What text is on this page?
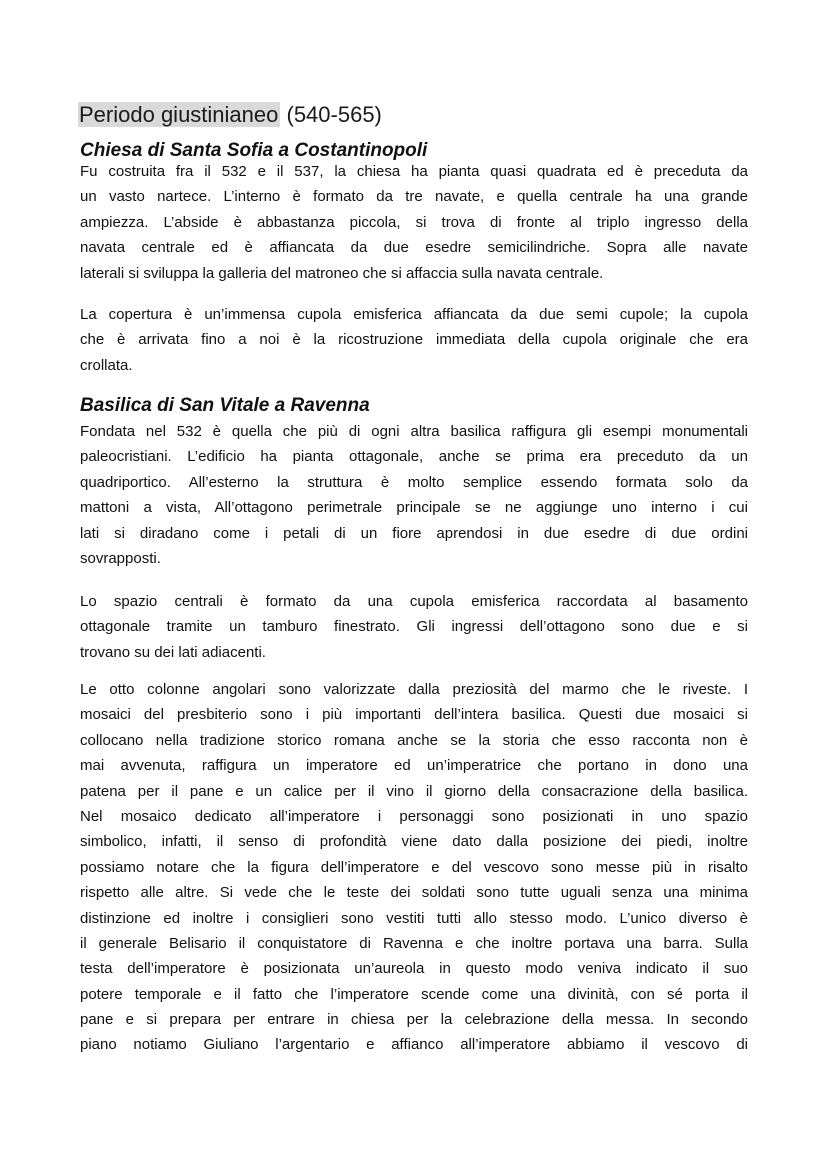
Periodo giustinianeo (540-565)
Chiesa di Santa Sofia a Costantinopoli
Fu costruita fra il 532 e il 537, la chiesa ha pianta quasi quadrata ed è preceduta da
un vasto nartece. L’interno è formato da tre navate, e quella centrale ha una grande
ampiezza. L’abside è abbastanza piccola, si trova di fronte al triplo ingresso della
navata centrale ed è affiancata da due esedre semicilindriche. Sopra alle navate
laterali si sviluppa la galleria del matroneo che si affaccia sulla navata centrale.
La copertura è un’immensa cupola emisferica affiancata da due semi cupole; la cupola
che è arrivata fino a noi è la ricostruzione immediata della cupola originale che era
crollata.
Basilica di San Vitale a Ravenna
Fondata nel 532 è quella che più di ogni altra basilica raffigura gli esempi monumentali
paleocristiani. L’edificio ha pianta ottagonale, anche se prima era preceduto da un
quadriportico. All’esterno la struttura è molto semplice essendo formata solo da
mattoni a vista, All’ottagono perimetrale principale se ne aggiunge uno interno i cui
lati si diradano come i petali di un fiore aprendosi in due esedre di due ordini
sovrapposti.
Lo spazio centrali è formato da una cupola emisferica raccordata al basamento
ottagonale tramite un tamburo finestrato. Gli ingressi dell’ottagono sono due e si
trovano su dei lati adiacenti.
Le otto colonne angolari sono valorizzate dalla preziosità del marmo che le riveste. I
mosaici del presbiterio sono i più importanti dell’intera basilica. Questi due mosaici si
collocano nella tradizione storico romana anche se la storia che esso racconta non è
mai avvenuta, raffigura un imperatore ed un’imperatrice che portano in dono una
patena per il pane e un calice per il vino il giorno della consacrazione della basilica.
Nel mosaico dedicato all’imperatore i personaggi sono posizionati in uno spazio
simbolico, infatti, il senso di profondità viene dato dalla posizione dei piedi, inoltre
possiamo notare che la figura dell’imperatore e del vescovo sono messe più in risalto
rispetto alle altre. Si vede che le teste dei soldati sono tutte uguali senza una minima
distinzione ed inoltre i consiglieri sono vestiti tutti allo stesso modo. L’unico diverso è
il generale Belisario il conquistatore di Ravenna e che inoltre portava una barra. Sulla
testa dell’imperatore è posizionata un’aureola in questo modo veniva indicato il suo
potere temporale e il fatto che l’imperatore scende come una divinità, con sé porta il
pane e si prepara per entrare in chiesa per la celebrazione della messa. In secondo
piano notiamo Giuliano l’argentario e affianco all’imperatore abbiamo il vescovo di
